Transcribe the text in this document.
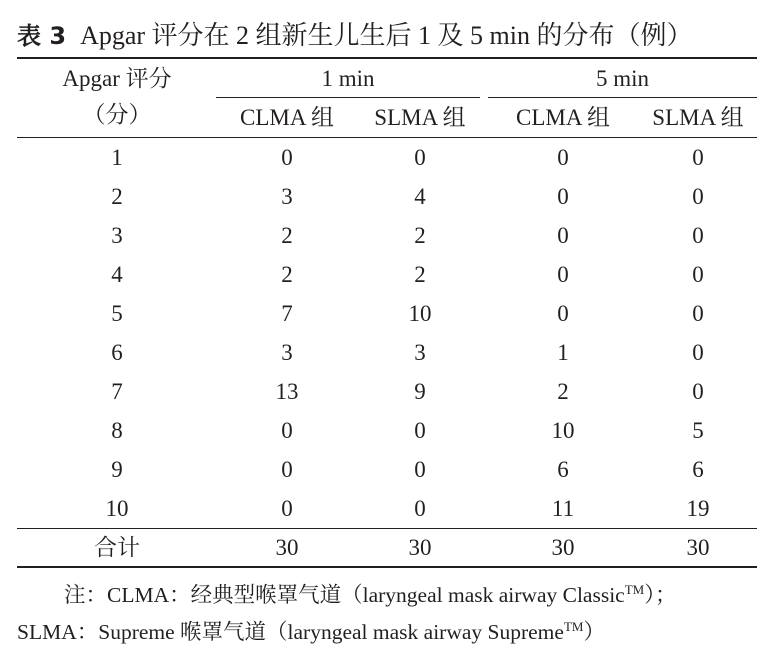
表 3 Apgar 评分在 2 组新生儿生后 1 及 5 min 的分布（例）
Apgar 评分
（分）
1 min	5 min
CLMA 组	SLMA 组	CLMA 组	SLMA 组
1	0	0	0	0
2	3	4	0	0
3	2	2	0	0
4	2	2	0	0
5	7	10	0	0
6	3	3	1	0
7	13	9	2	0
8	0	0	10	5
9	0	0	6	6
10	0	0	11	19
合计	30	30	30	30
注：CLMA：经典型喉罩气道（laryngeal mask airway Classic™）；
SLMA：Supreme 喉罩气道（laryngeal mask airway Supreme™）
